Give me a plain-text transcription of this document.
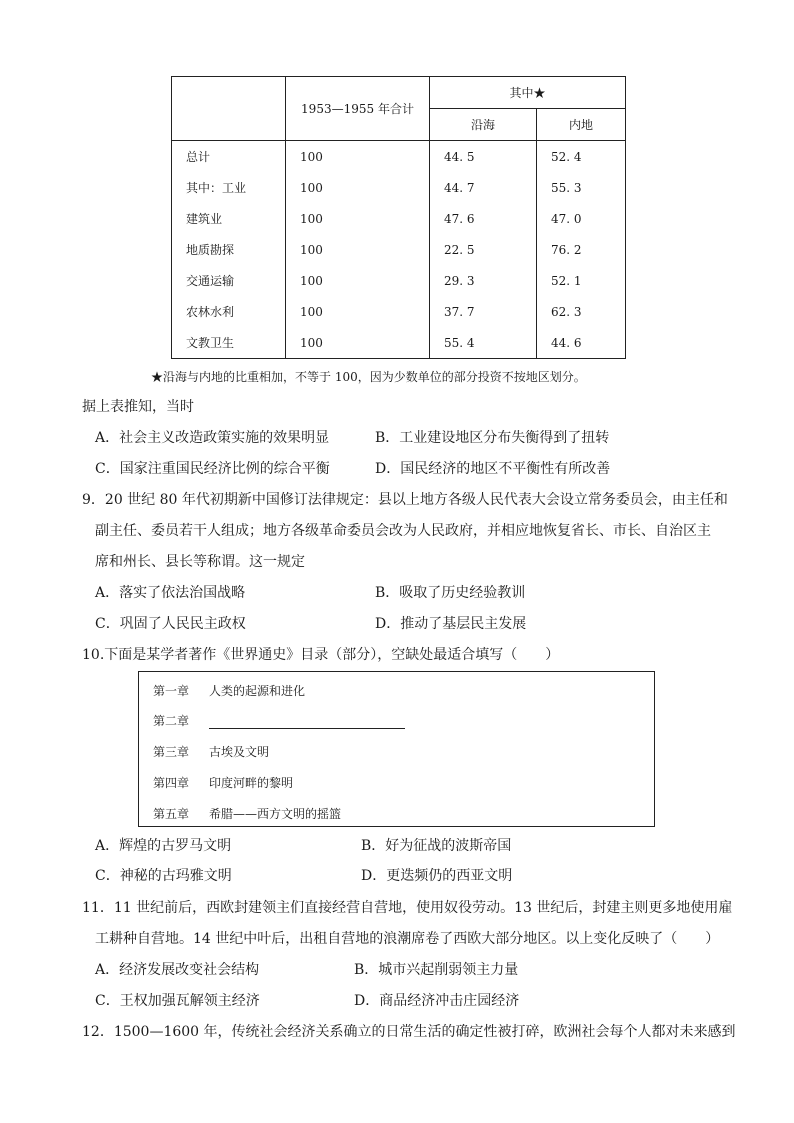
	1953—1955 年合计	其中★	
		沿海	内地
总计	100	44. 5	52. 4
其中：工业	100	44. 7	55. 3
建筑业	100	47. 6	47. 0
地质勘探	100	22. 5	76. 2
交通运输	100	29. 3	52. 1
农林水利	100	37. 7	62. 3
文教卫生	100	55. 4	44. 6
★沿海与内地的比重相加，不等于 100，因为少数单位的部分投资不按地区划分。
据上表推知，当时
A．社会主义改造政策实施的效果明显	B．工业建设地区分布失衡得到了扭转
C．国家注重国民经济比例的综合平衡	D．国民经济的地区不平衡性有所改善
9．20 世纪 80 年代初期新中国修订法律规定：县以上地方各级人民代表大会设立常务委员会，由主任和
副主任、委员若干人组成；地方各级革命委员会改为人民政府，并相应地恢复省长、市长、自治区主
席和州长、县长等称谓。这一规定
A．落实了依法治国战略	B．吸取了历史经验教训
C．巩固了人民民主政权	D．推动了基层民主发展
10.下面是某学者著作《世界通史》目录（部分），空缺处最适合填写（　　）
第一章 人类的起源和进化
第二章
第三章 古埃及文明
第四章 印度河畔的黎明
第五章 希腊——西方文明的摇篮
A．辉煌的古罗马文明	B．好为征战的波斯帝国
C．神秘的古玛雅文明	D．更迭频仍的西亚文明
11．11 世纪前后，西欧封建领主们直接经营自营地，使用奴役劳动。13 世纪后，封建主则更多地使用雇
工耕种自营地。14 世纪中叶后，出租自营地的浪潮席卷了西欧大部分地区。以上变化反映了（　　）
A．经济发展改变社会结构	B．城市兴起削弱领主力量
C．王权加强瓦解领主经济	D．商品经济冲击庄园经济
12．1500—1600 年，传统社会经济关系确立的日常生活的确定性被打碎，欧洲社会每个人都对未来感到
